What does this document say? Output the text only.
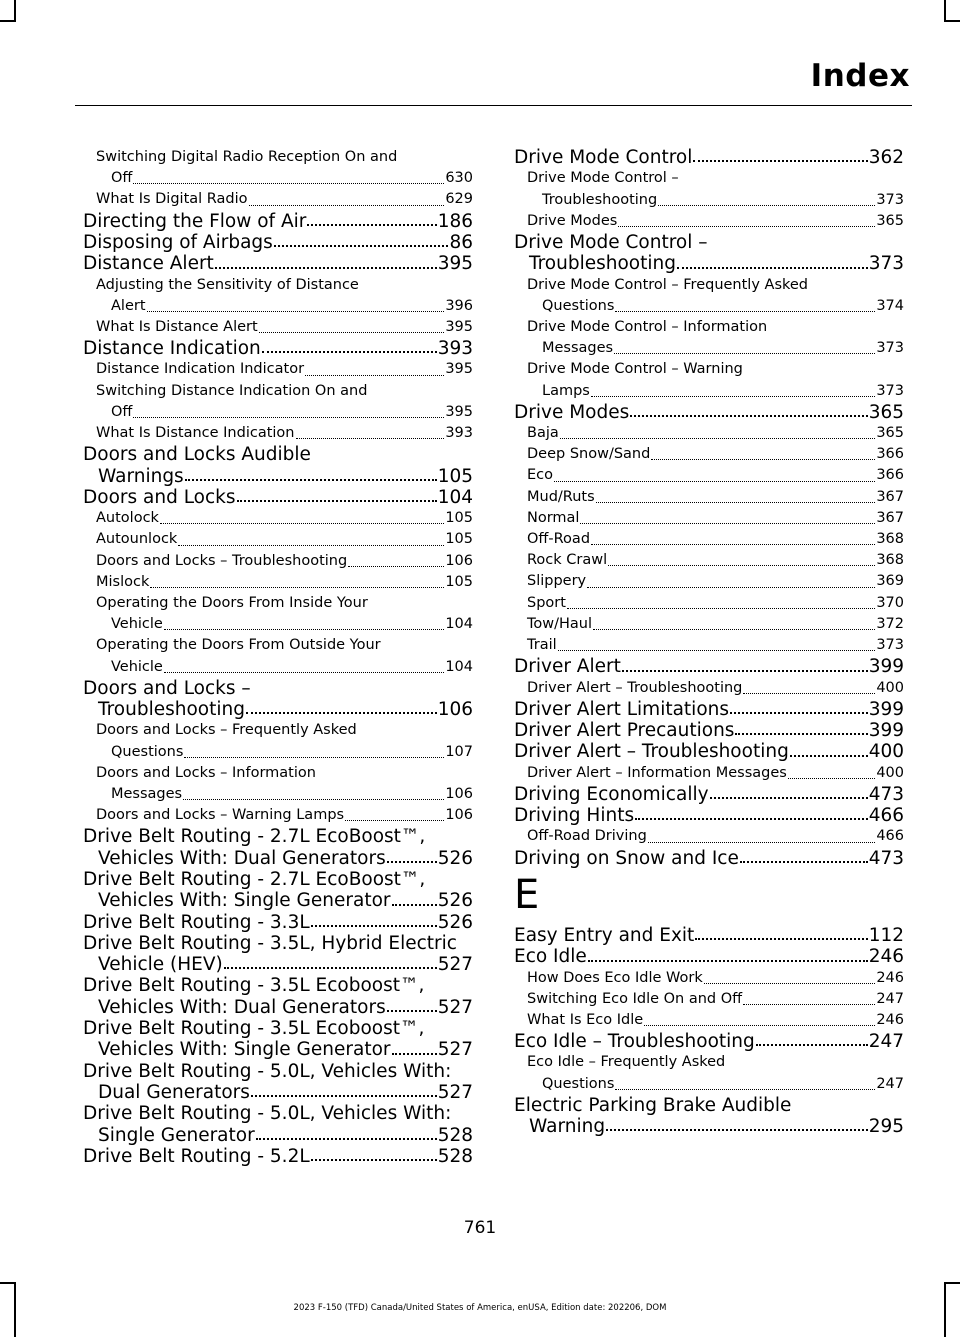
Index
Switching Digital Radio Reception On and
Off	630
What Is Digital Radio	629
Directing the Flow of Air	186
Disposing of Airbags	86
Distance Alert	395
Adjusting the Sensitivity of Distance
Alert	396
What Is Distance Alert	395
Distance Indication	393
Distance Indication Indicator	395
Switching Distance Indication On and
Off	395
What Is Distance Indication	393
Doors and Locks Audible
Warnings	105
Doors and Locks	104
Autolock	105
Autounlock	105
Doors and Locks – Troubleshooting	106
Mislock	105
Operating the Doors From Inside Your
Vehicle	104
Operating the Doors From Outside Your
Vehicle	104
Doors and Locks –
Troubleshooting	106
Doors and Locks – Frequently Asked
Questions	107
Doors and Locks – Information
Messages	106
Doors and Locks – Warning Lamps	106
Drive Belt Routing - 2.7L EcoBoost™,
Vehicles With: Dual Generators	526
Drive Belt Routing - 2.7L EcoBoost™,
Vehicles With: Single Generator	526
Drive Belt Routing - 3.3L	526
Drive Belt Routing - 3.5L, Hybrid Electric
Vehicle (HEV)	527
Drive Belt Routing - 3.5L Ecoboost™,
Vehicles With: Dual Generators	527
Drive Belt Routing - 3.5L Ecoboost™,
Vehicles With: Single Generator	527
Drive Belt Routing - 5.0L, Vehicles With:
Dual Generators	527
Drive Belt Routing - 5.0L, Vehicles With:
Single Generator	528
Drive Belt Routing - 5.2L	528
Drive Mode Control	362
Drive Mode Control –
Troubleshooting	373
Drive Modes	365
Drive Mode Control –
Troubleshooting	373
Drive Mode Control – Frequently Asked
Questions	374
Drive Mode Control – Information
Messages	373
Drive Mode Control – Warning
Lamps	373
Drive Modes	365
Baja	365
Deep Snow/Sand	366
Eco	366
Mud/Ruts	367
Normal	367
Off-Road	368
Rock Crawl	368
Slippery	369
Sport	370
Tow/Haul	372
Trail	373
Driver Alert	399
Driver Alert – Troubleshooting	400
Driver Alert Limitations	399
Driver Alert Precautions	399
Driver Alert – Troubleshooting	400
Driver Alert – Information Messages	400
Driving Economically	473
Driving Hints	466
Off-Road Driving	466
Driving on Snow and Ice	473
E
Easy Entry and Exit	112
Eco Idle	246
How Does Eco Idle Work	246
Switching Eco Idle On and Off	247
What Is Eco Idle	246
Eco Idle – Troubleshooting	247
Eco Idle – Frequently Asked
Questions	247
Electric Parking Brake Audible
Warning	295
761
2023 F-150 (TFD) Canada/United States of America, enUSA, Edition date: 202206, DOM
